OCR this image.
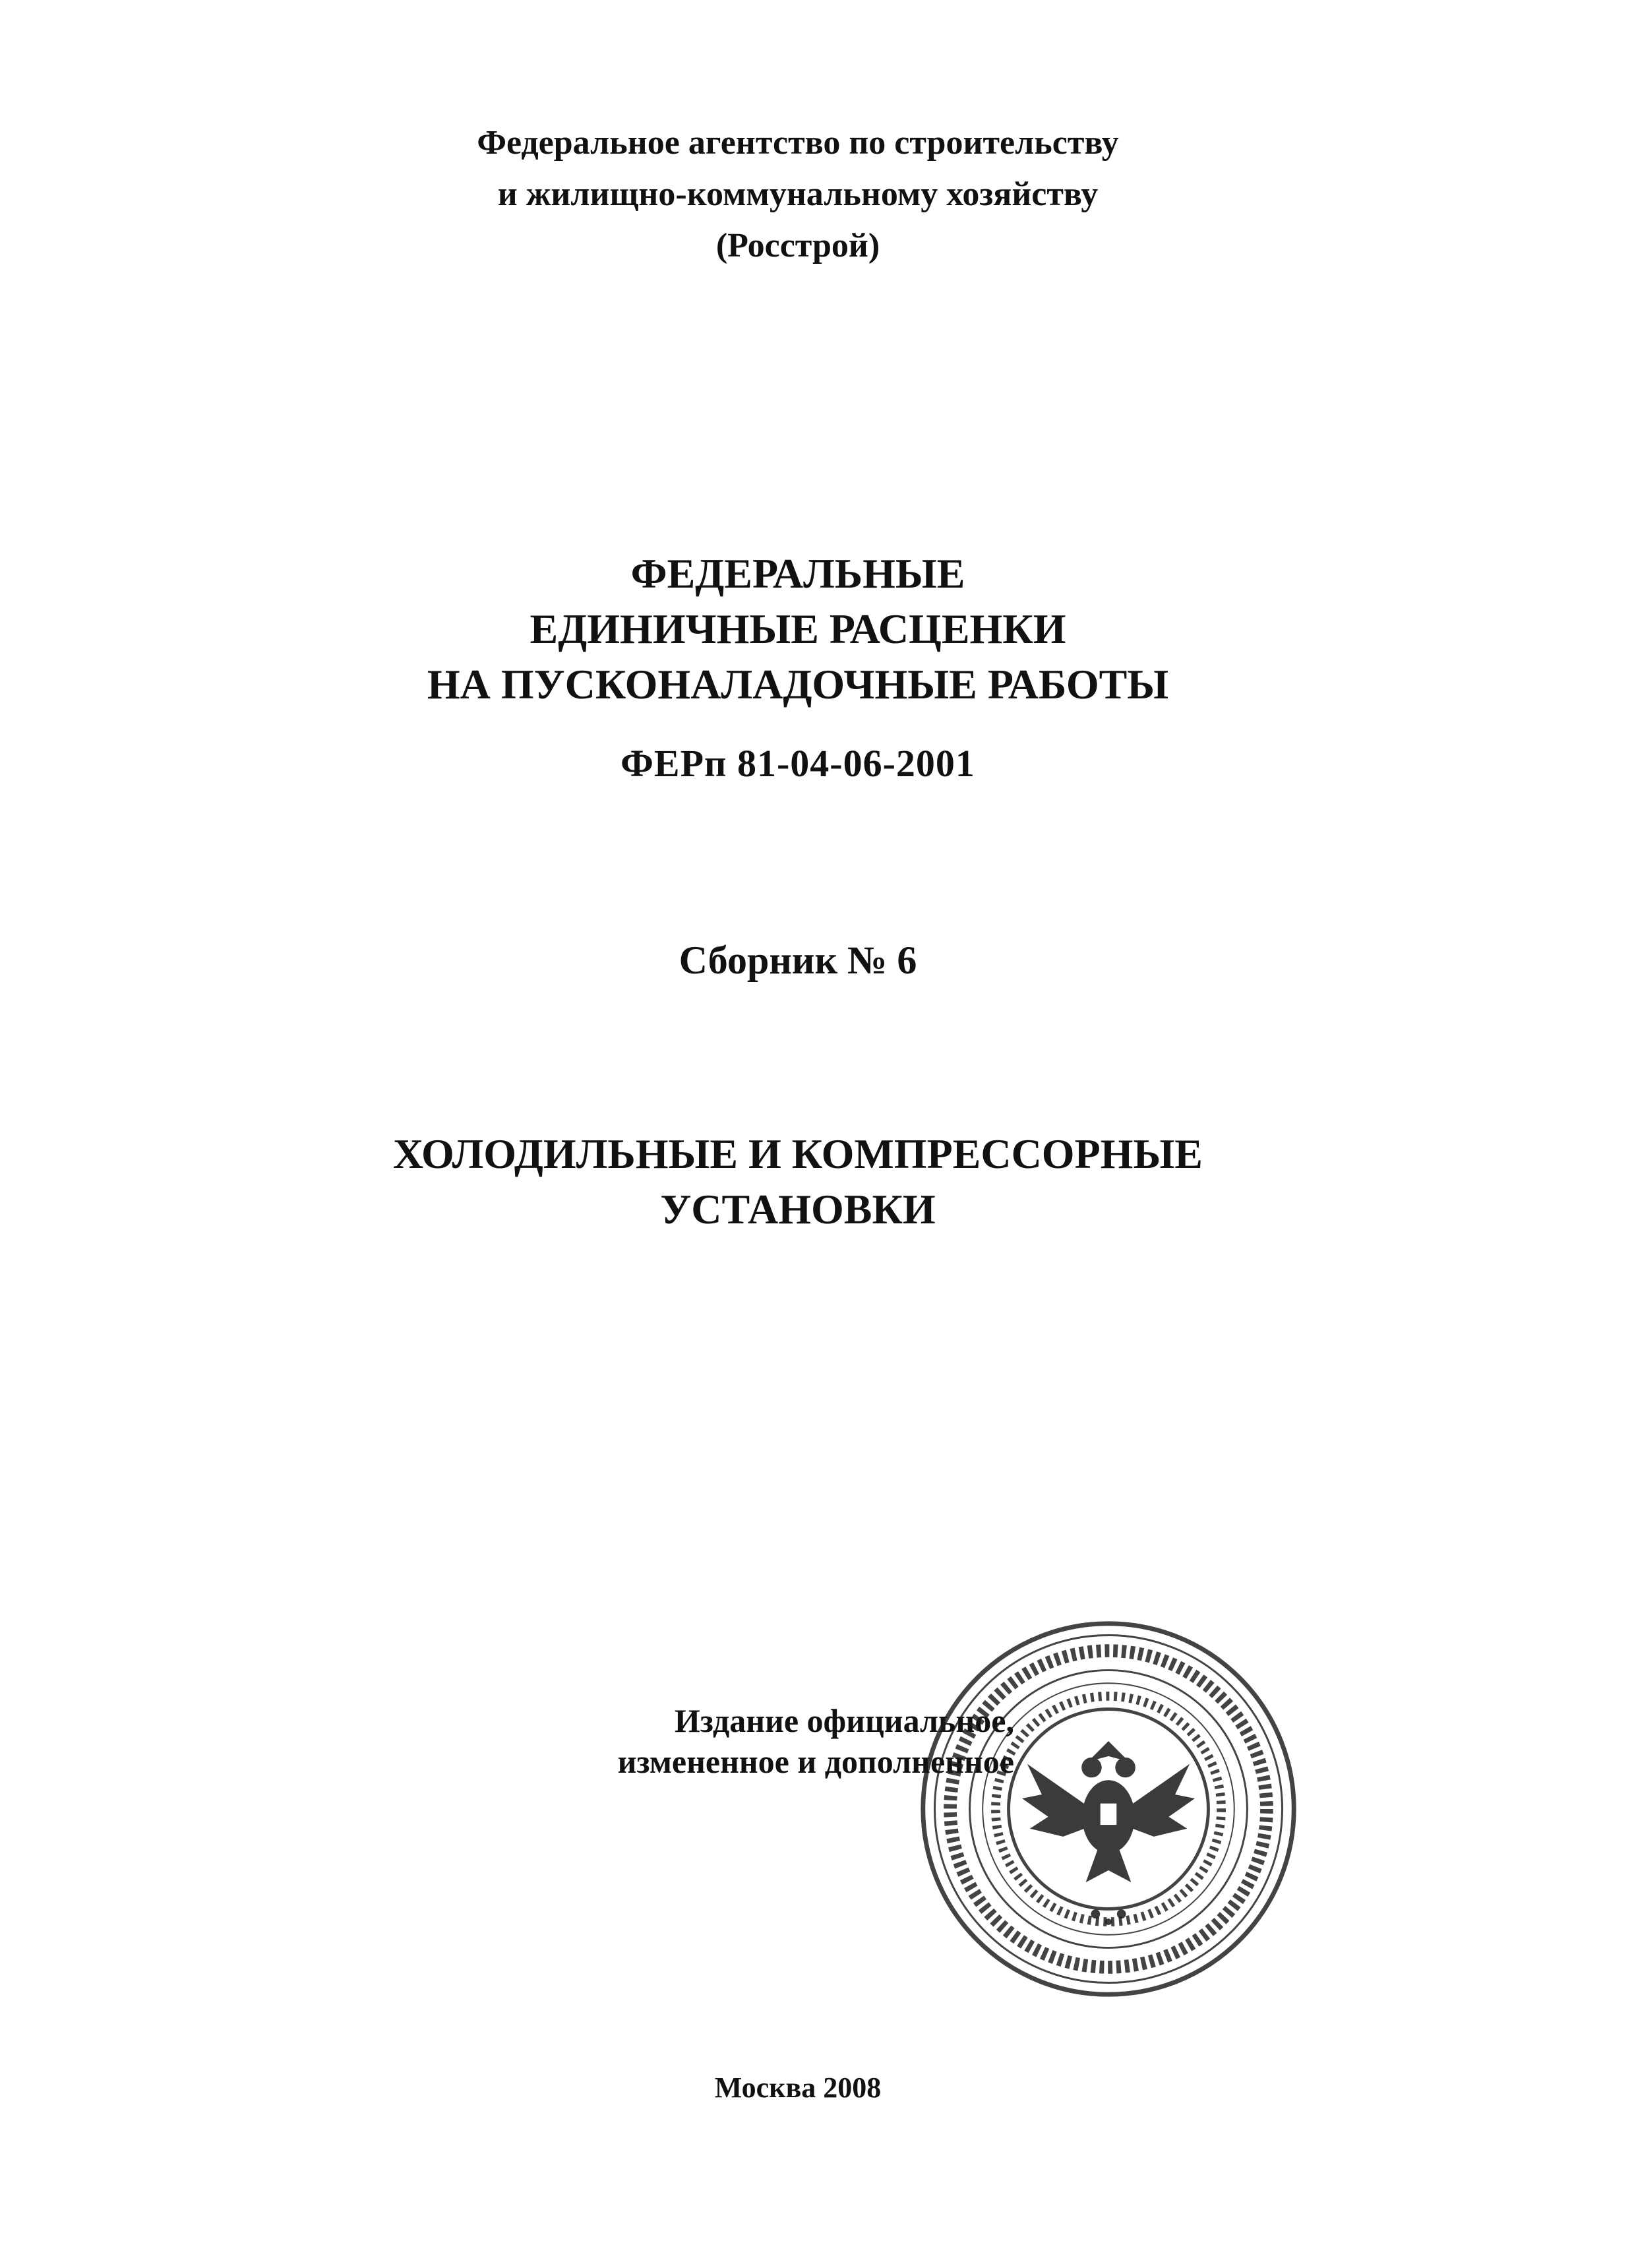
Федеральное агентство по строительству
и жилищно-коммунальному хозяйству
(Росстрой)
ФЕДЕРАЛЬНЫЕ
ЕДИНИЧНЫЕ РАСЦЕНКИ
НА ПУСКОНАЛАДОЧНЫЕ РАБОТЫ
ФЕРп 81-04-06-2001
Сборник № 6
ХОЛОДИЛЬНЫЕ И КОМПРЕССОРНЫЕ
УСТАНОВКИ
Издание официальное,
измененное и дополненное
Москва 2008
